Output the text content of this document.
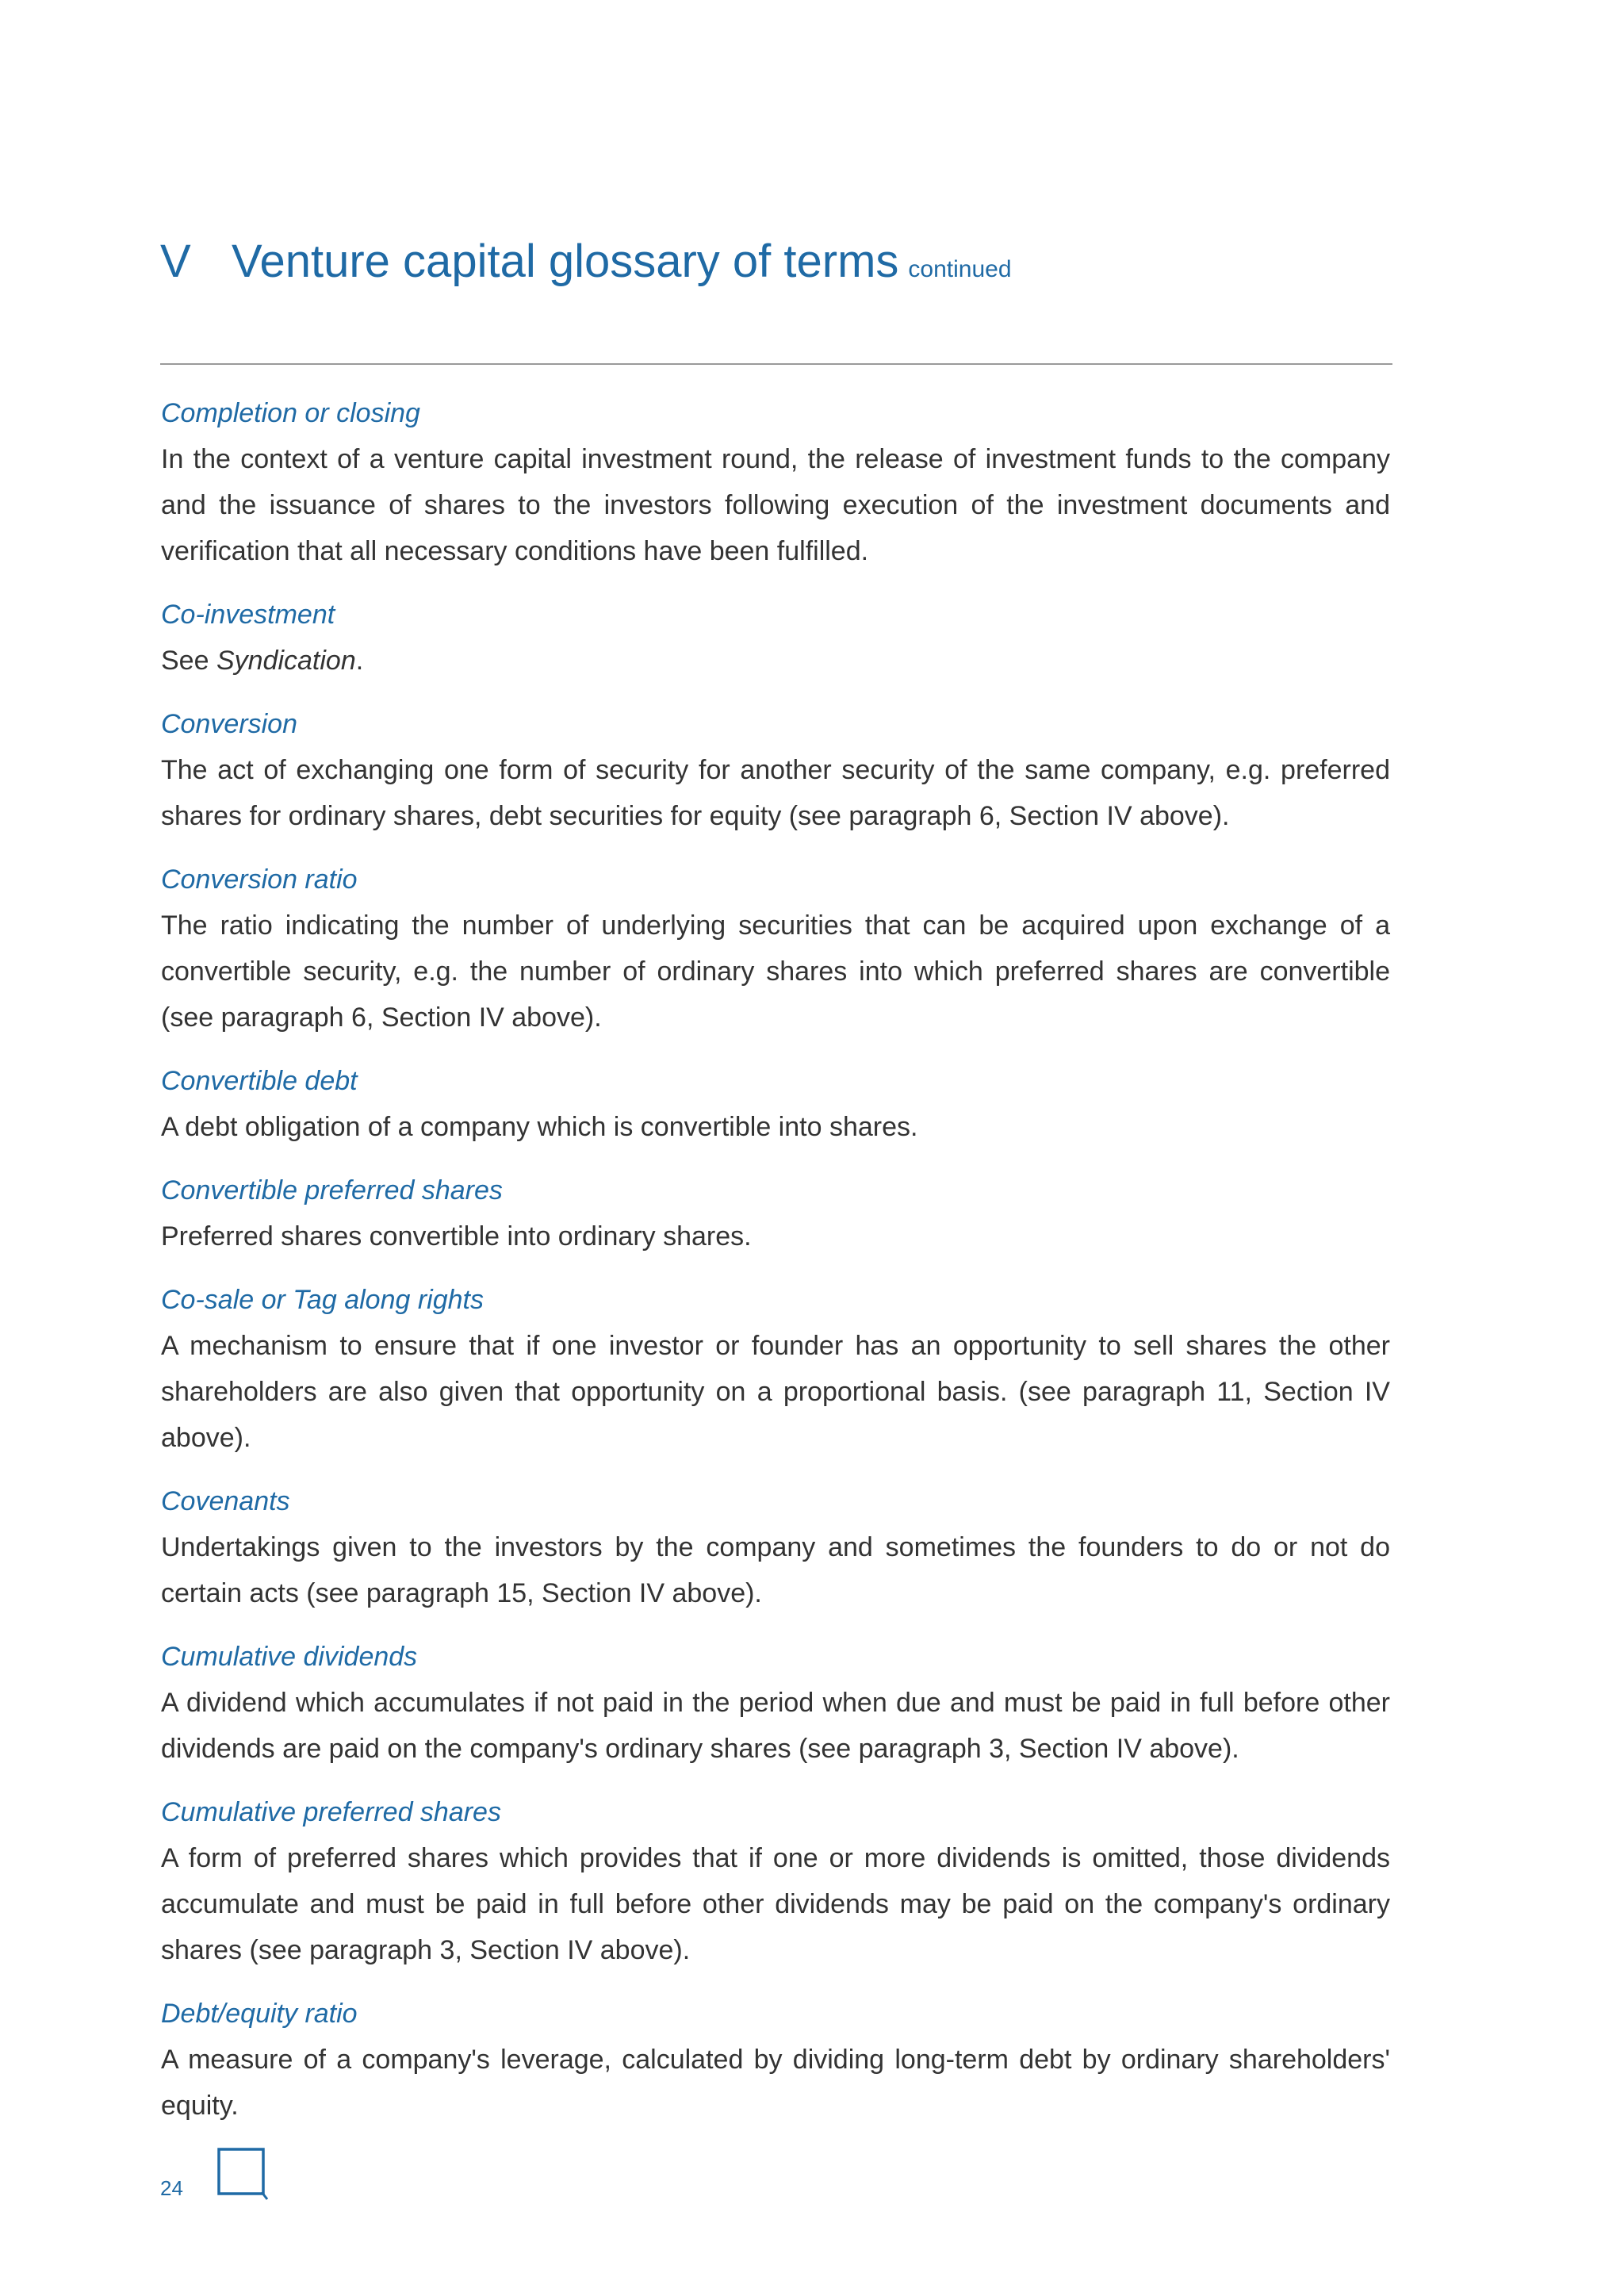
V Venture capital glossary of terms continued
Completion or closing
In the context of a venture capital investment round, the release of investment funds to the company and the issuance of shares to the investors following execution of the investment documents and verification that all necessary conditions have been fulfilled.
Co-investment
See Syndication.
Conversion
The act of exchanging one form of security for another security of the same company, e.g. preferred shares for ordinary shares, debt securities for equity (see paragraph 6, Section IV above).
Conversion ratio
The ratio indicating the number of underlying securities that can be acquired upon exchange of a convertible security, e.g. the number of ordinary shares into which preferred shares are convertible (see paragraph 6, Section IV above).
Convertible debt
A debt obligation of a company which is convertible into shares.
Convertible preferred shares
Preferred shares convertible into ordinary shares.
Co-sale or Tag along rights
A mechanism to ensure that if one investor or founder has an opportunity to sell shares the other shareholders are also given that opportunity on a proportional basis. (see paragraph 11, Section IV above).
Covenants
Undertakings given to the investors by the company and sometimes the founders to do or not do certain acts (see paragraph 15, Section IV above).
Cumulative dividends
A dividend which accumulates if not paid in the period when due and must be paid in full before other dividends are paid on the company's ordinary shares (see paragraph 3, Section IV above).
Cumulative preferred shares
A form of preferred shares which provides that if one or more dividends is omitted, those dividends accumulate and must be paid in full before other dividends may be paid on the company's ordinary shares (see paragraph 3, Section IV above).
Debt/equity ratio
A measure of a company's leverage, calculated by dividing long-term debt by ordinary shareholders' equity.
24
